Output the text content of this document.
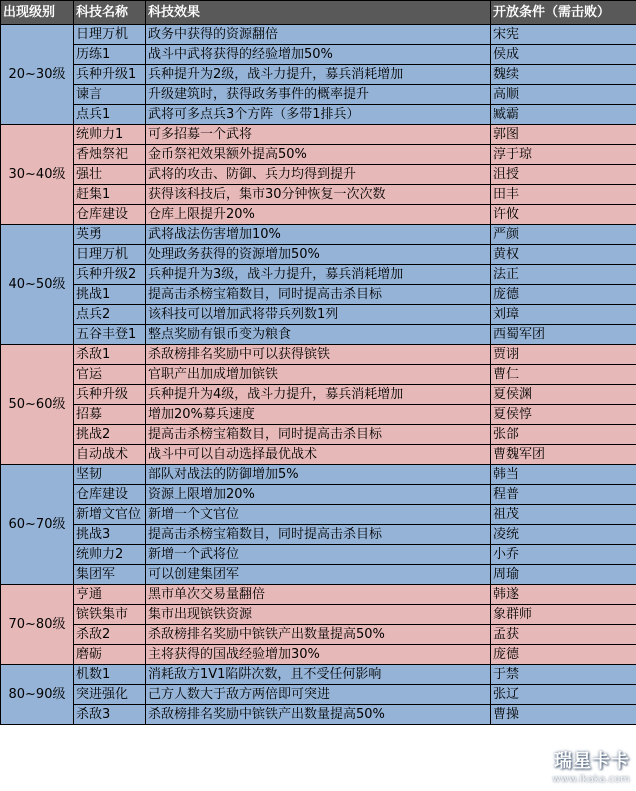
出现级别	科技名称	科技效果	开放条件（需击败）
20~30级	日理万机	政务中获得的资源翻倍	宋宪
	历练1	战斗中武将获得的经验增加50%	侯成
	兵种升级1	兵种提升为2级，战斗力提升，募兵消耗增加	魏续
	谏言	升级建筑时，获得政务事件的概率提升	高顺
	点兵1	武将可多点兵3个方阵（多带1排兵）	臧霸
30~40级	统帅力1	可多招募一个武将	郭图
	香烛祭祀	金币祭祀效果额外提高50%	淳于琼
	强壮	武将的攻击、防御、兵力均得到提升	沮授
	赶集1	获得该科技后，集市30分钟恢复一次次数	田丰
	仓库建设	仓库上限提升20%	许攸
40~50级	英勇	武将战法伤害增加10%	严颜
	日理万机	处理政务获得的资源增加50%	黄权
	兵种升级2	兵种提升为3级，战斗力提升，募兵消耗增加	法正
	挑战1	提高击杀榜宝箱数目，同时提高击杀目标	庞德
	点兵2	该科技可以增加武将带兵列数1列	刘璋
	五谷丰登1	整点奖励有银币变为粮食	西蜀军团
50~60级	杀敌1	杀敌榜排名奖励中可以获得镔铁	贾诩
	官运	官职产出加成增加镔铁	曹仁
	兵种升级	兵种提升为4级，战斗力提升，募兵消耗增加	夏侯渊
	招募	增加20%募兵速度	夏侯惇
	挑战2	提高击杀榜宝箱数目，同时提高击杀目标	张郃
	自动战术	战斗中可以自动选择最优战术	曹魏军团
60~70级	坚韧	部队对战法的防御增加5%	韩当
	仓库建设	资源上限增加20%	程普
	新增文官位	新增一个文官位	祖茂
	挑战3	提高击杀榜宝箱数目，同时提高击杀目标	凌统
	统帅力2	新增一个武将位	小乔
	集团军	可以创建集团军	周瑜
70~80级	亨通	黑市单次交易量翻倍	韩遂
	镔铁集市	集市出现镔铁资源	象群师
	杀敌2	杀敌榜排名奖励中镔铁产出数量提高50%	孟获
	磨砺	主将获得的国战经验增加30%	庞德
80~90级	机数1	消耗敌方1V1陷阱次数，且不受任何影响	于禁
	突进强化	己方人数大于敌方两倍即可突进	张辽
	杀敌3	杀敌榜排名奖励中镔铁产出数量提高50%	曹操
瑞星卡卡
www.ikaka.com
